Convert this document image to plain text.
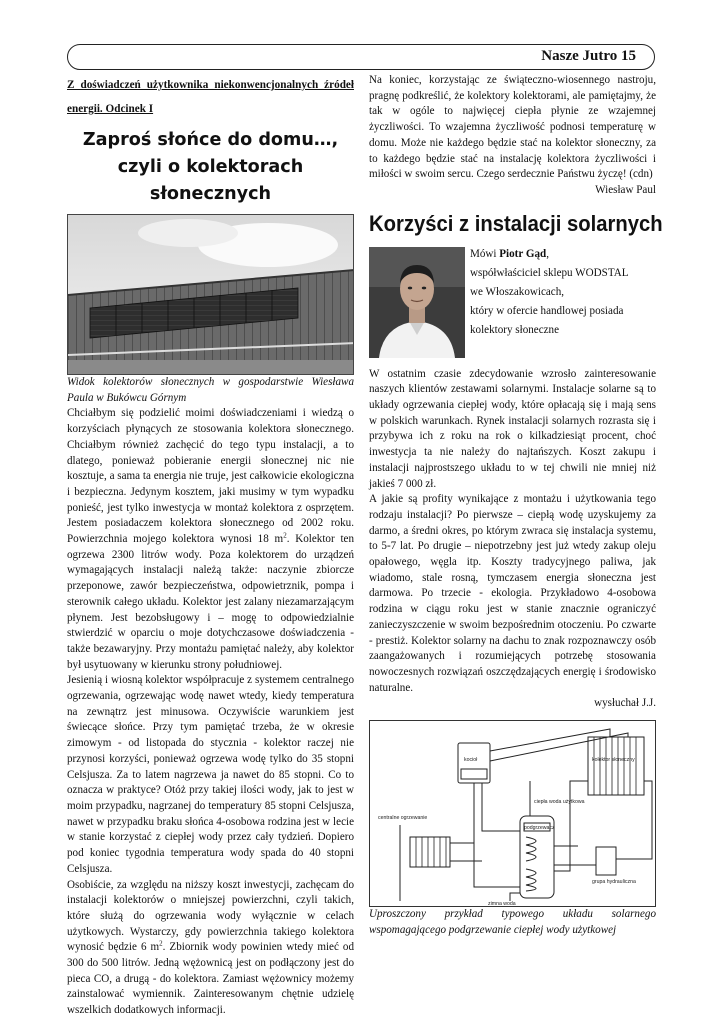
Nasze Jutro 15
Z doświadczeń użytkownika niekonwencjonalnych źródeł energii. Odcinek I
Zaproś słońce do domu…, czyli o kolektorach słonecznych

Widok kolektorów słonecznych w gospodarstwie Wiesława Paula w Bukówcu Górnym

Chciałbym się podzielić moimi doświadczeniami i wiedzą o korzyściach płynących ze stosowania kolektora słonecznego. Chciałbym również zachęcić do tego typu instalacji, a to dlatego, ponieważ pobieranie energii słonecznej nic nie kosztuje, a sama ta energia nie truje, jest całkowicie ekologiczna i bezpieczna. Jedynym kosztem, jaki musimy w tym wypadku ponieść, jest tylko inwestycja w montaż kolektora z osprzętem. Jestem posiadaczem kolektora słonecznego od 2002 roku. Powierzchnia mojego kolektora wynosi 18 $m^2$. Kolektor ten ogrzewa 2300 litrów wody. Poza kolektorem do urządzeń wymagających instalacji należą także: naczynie zbiorcze przeponowe, zawór bezpieczeństwa, odpowietrznik, pompa i sterownik całego układu. Kolektor jest zalany niezamarzającym płynem. Jest bezobsługowy i – mogę to odpowiedzialnie stwierdzić w oparciu o moje dotychczasowe doświadczenia - także bezawaryjny. Przy montażu pamiętać należy, aby kolektor był usytuowany w kierunku strony południowej.

Jesienią i wiosną kolektor współpracuje z systemem centralnego ogrzewania, ogrzewając wodę nawet wtedy, kiedy temperatura na zewnątrz jest minusowa. Oczywiście warunkiem jest świecące słońce. Przy tym pamiętać trzeba, że w okresie zimowym - od listopada do stycznia - kolektor raczej nie przynosi korzyści, ponieważ ogrzewa wodę tylko do 35 stopni Celsjusza. Za to latem nagrzewa ja nawet do 85 stopni. Co to oznacza w praktyce? Otóż przy takiej ilości wody, jak to jest w moim przypadku, nagrzanej do temperatury 85 stopni Celsjusza, nawet w przypadku braku słońca 4-osobowa rodzina jest w lecie w stanie korzystać z ciepłej wody przez cały tydzień. Dopiero pod koniec tygodnia temperatura wody spada do 40 stopni Celsjusza.

Osobiście, za względu na niższy koszt inwestycji, zachęcam do instalacji kolektorów o mniejszej powierzchni, czyli takich, które służą do ogrzewania wody wyłącznie w celach użytkowych. Wystarczy, gdy powierzchnia takiego kolektora wynosić będzie 6 $m^2$. Zbiornik wody powinien wtedy mieć od 300 do 500 litrów. Jedną wężownicą jest on podłączony jest do pieca CO, a drugą - do kolektora. Zamiast wężownicy możemy zainstalować wymiennik. Zainteresowanym chętnie udzielę wszelkich dodatkowych informacji.

Na koniec, korzystając ze świąteczno-wiosennego nastroju, pragnę podkreślić, że kolektory kolektorami, ale pamiętajmy, że tak w ogóle to najwięcej ciepła płynie ze wzajemnej życzliwości. To wzajemna życzliwość podnosi temperaturę w domu. Może nie każdego będzie stać na kolektor słoneczny, za to każdego będzie stać na instalację kolektora życzliwości i miłości w swoim sercu. Czego serdecznie Państwu życzę! (cdn)

Wiesław Paul

Korzyści z instalacji solarnych
Mówi Piotr Gąd,
współwłaściciel sklepu WODSTAL
we Włoszakowicach,
który w ofercie handlowej posiada
kolektory słoneczne

W ostatnim czasie zdecydowanie wzrosło zainteresowanie naszych klientów zestawami solarnymi. Instalacje solarne są to układy ogrzewania ciepłej wody, które opłacają się i mają sens w polskich warunkach. Rynek instalacji solarnych rozrasta się i przybywa ich z roku na rok o kilkadziesiąt procent, choć inwestycja ta nie należy do najtańszych. Koszt zakupu i instalacji najprostszego układu to w tej chwili nie mniej niż jakieś 7 000 zł.

A jakie są profity wynikające z montażu i użytkowania tego rodzaju instalacji? Po pierwsze – ciepłą wodę uzyskujemy za darmo, a średni okres, po którym zwraca się instalacja systemu, to 5-7 lat. Po drugie – niepotrzebny jest już wtedy zakup oleju opałowego, węgla itp. Koszty tradycyjnego paliwa, jak wiadomo, stale rosną, tymczasem energia słoneczna jest darmowa. Po trzecie - ekologia. Przykładowo 4-osobowa rodzina w ciągu roku jest w stanie znacznie ograniczyć zanieczyszczenie w swoim bezpośrednim otoczeniu. Po czwarte - prestiż. Kolektor solarny na dachu to znak rozpoznawczy osób zaangażowanych i rozumiejących potrzebę stosowania nowoczesnych rozwiązań oszczędzających energię i środowisko naturalne.

wysłuchał J.J.

kocioł	kolektor słoneczny
ciepła woda użytkowa
podgrzewacz
centralne ogrzewanie
grupa hydrauliczna
zimna woda

Uproszczony przykład typowego układu solarnego wspomagającego podgrzewanie ciepłej wody użytkowej
